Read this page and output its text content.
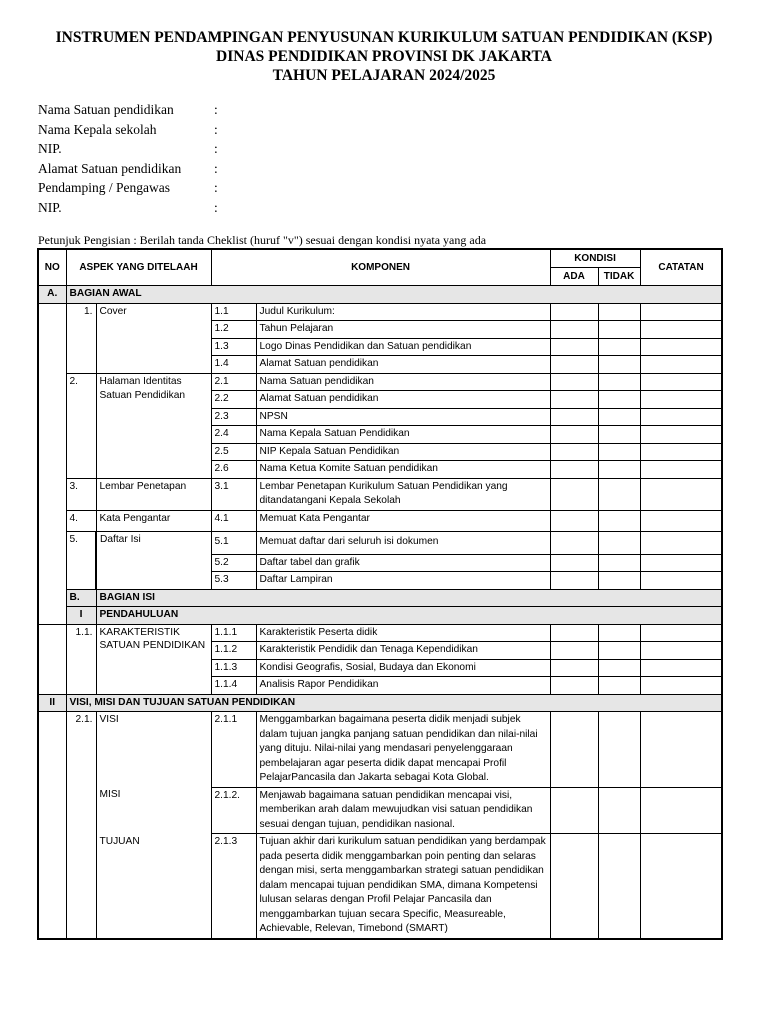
INSTRUMEN PENDAMPINGAN PENYUSUNAN KURIKULUM SATUAN PENDIDIKAN (KSP)
DINAS PENDIDIKAN PROVINSI DK JAKARTA
TAHUN PELAJARAN 2024/2025
Nama Satuan pendidikan	:
Nama Kepala sekolah	:
NIP.	:
Alamat Satuan pendidikan :
Pendamping / Pengawas	:
NIP.	:
Petunjuk Pengisian : Berilah tanda Cheklist (huruf "v") sesuai dengan kondisi nyata yang ada
NO	ASPEK YANG DITELAAH		KOMPONEN		KONDISI		CATATAN
					ADA	TIDAK	
A.	BAGIAN AWAL						
	1.	Cover	1.1	Judul Kurikulum:			
			1.2	Tahun Pelajaran			
			1.3	Logo Dinas Pendidikan dan Satuan pendidikan			
			1.4	Alamat Satuan pendidikan			
	2.	Halaman Identitas Satuan Pendidikan	2.1	Nama Satuan pendidikan			
			2.2	Alamat Satuan pendidikan			
			2.3	NPSN			
			2.4	Nama Kepala Satuan Pendidikan			
			2.5	NIP Kepala Satuan Pendidikan			
			2.6	Nama Ketua Komite Satuan pendidikan			
	3.	Lembar Penetapan	3.1	Lembar Penetapan Kurikulum Satuan Pendidikan yang ditandatangani Kepala Sekolah			
	4.	Kata Pengantar	4.1	Memuat Kata Pengantar			
	5.	Daftar Isi	5.1	Memuat daftar dari seluruh isi dokumen			
			5.2	Daftar tabel dan grafik			
			5.3	Daftar Lampiran			
	B.	BAGIAN ISI					
	I	PENDAHULUAN					
	1.1.	KARAKTERISTIK SATUAN PENDIDIKAN	1.1.1	Karakteristik Peserta didik			
			1.1.2	Karakteristik Pendidik dan Tenaga Kependidikan			
			1.1.3	Kondisi Geografis, Sosial, Budaya dan Ekonomi			
			1.1.4	Analisis Rapor Pendidikan			
II	VISI, MISI DAN TUJUAN SATUAN PENDIDIKAN						
	2.1.	VISI	2.1.1	Menggambarkan bagaimana peserta didik menjadi subjek dalam tujuan jangka panjang satuan pendidikan dan nilai-nilai yang dituju. Nilai-nilai yang mendasari penyelenggaraan pembelajaran agar peserta didik dapat mencapai Profil PelajarPancasila dan Jakarta sebagai Kota Global.			
		MISI	2.1.2.	Menjawab bagaimana satuan pendidikan mencapai visi, memberikan arah dalam mewujudkan visi satuan pendidikan sesuai dengan tujuan, pendidikan nasional.			
		TUJUAN	2.1.3	Tujuan akhir dari kurikulum satuan pendidikan yang berdampak pada peserta didik menggambarkan poin penting dan selaras dengan misi, serta menggambarkan strategi satuan pendidikan dalam mencapai tujuan pendidikan SMA, dimana Kompetensi lulusan selaras dengan Profil Pelajar Pancasila dan menggambarkan tujuan secara Specific, Measureable, Achievable, Relevan, Timebond (SMART)			
